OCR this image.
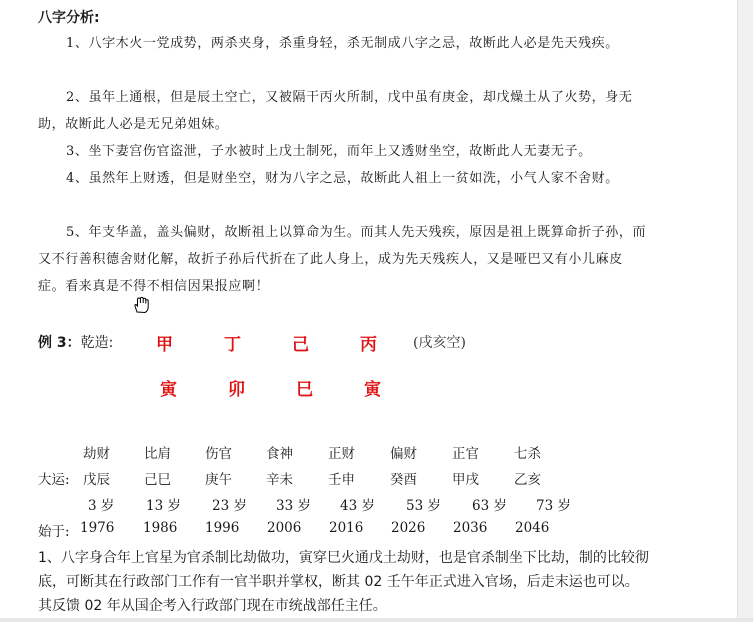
八字分析:

1、八字木火一党成势，两杀夹身，杀重身轻，杀无制成八字之忌，故断此人必是先天残疾。

2、虽年上通根，但是辰土空亡，又被隔干丙火所制，戊中虽有庚金，却戊燥土从了火势，身无助，故断此人必是无兄弟姐妹。

3、坐下妻宫伤官盗泄，子水被时上戊土制死，而年上又透财坐空，故断此人无妻无子。

4、虽然年上财透，但是财坐空，财为八字之忌，故断此人祖上一贫如洗，小气人家不舍财。

5、年支华盖，盖头偏财，故断祖上以算命为生。而其人先天残疾，原因是祖上既算命折子孙，而又不行善积德舍财化解，故折子孙后代折在了此人身上，成为先天残疾人，又是哑巴又有小儿麻皮症。看来真是不得不相信因果报应啊！

例 3：乾造:	甲	丁	己	丙	(戌亥空)
寅	卯	巳	寅
劫财	比肩	伤官	食神	正财	偏财	正官	七杀
大运: 戊辰	己巳	庚午	辛未	壬申	癸酉	甲戌	乙亥
3 岁 13 岁 23 岁 33 岁 43 岁 53 岁 63 岁 73 岁
始于: 1976 1986 1996 2006 2016 2026 2036 2046

1、八字身合年上官星为官杀制比劫做功，寅穿巳火通戊土劫财，也是官杀制坐下比劫，制的比较彻底，可断其在行政部门工作有一官半职并掌权，断其 02 壬午年正式进入官场，后走末运也可以。其反馈 02 年从国企考入行政部门现在市统战部任主任。
